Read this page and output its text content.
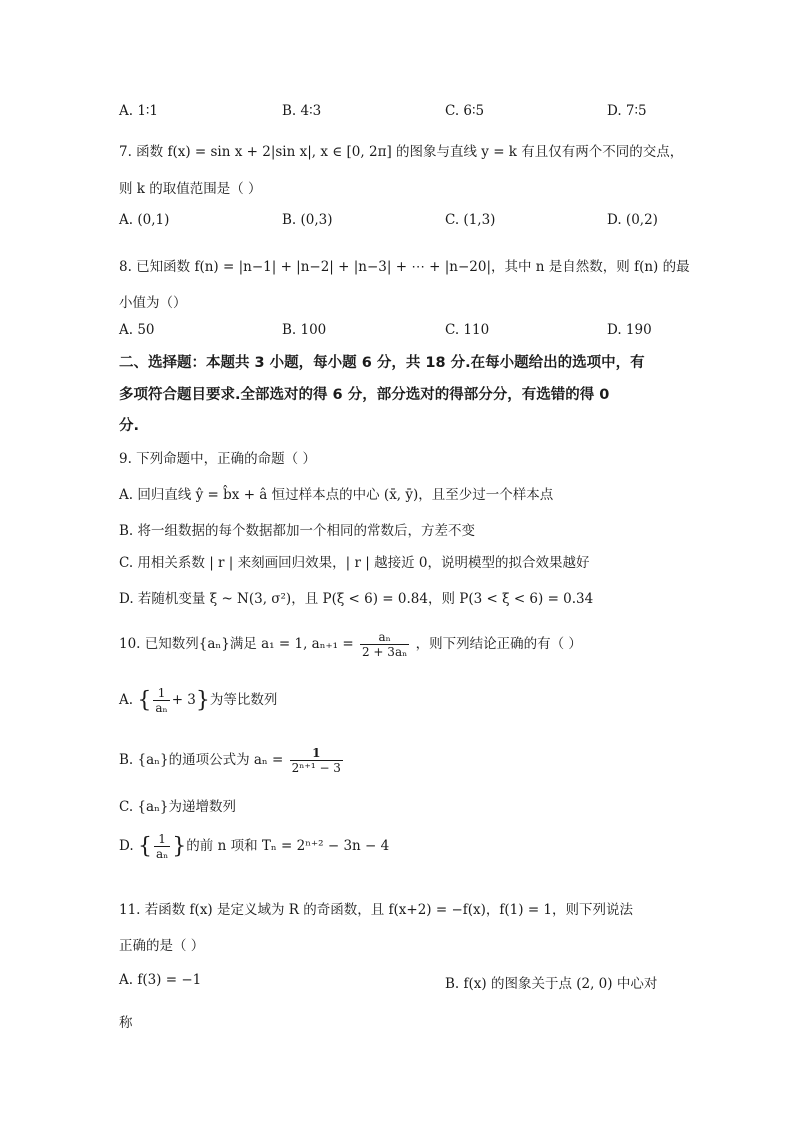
A. 1∶1	B. 4∶3	C. 6∶5	D. 7∶5
7. 函数 f(x) = sin x + 2|sin x|, x ∈ [0, 2π] 的图象与直线 y = k 有且仅有两个不同的交点，
则 k 的取值范围是（ ）
A. (0,1)	B. (0,3)	C. (1,3)	D. (0,2)
8. 已知函数 f(n) = |n−1| + |n−2| + |n−3| + ⋯ + |n−20|，其中 n 是自然数，则 f(n) 的最
小值为（）
A. 50	B. 100	C. 110	D. 190
二、选择题：本题共 3 小题，每小题 6 分，共 18 分.在每小题给出的选项中，有
多项符合题目要求.全部选对的得 6 分，部分选对的得部分分，有选错的得 0
分.
9. 下列命题中，正确的命题（ ）
A. 回归直线 ŷ = b̂x + â 恒过样本点的中心 (x̄, ȳ)，且至少过一个样本点
B. 将一组数据的每个数据都加一个相同的常数后，方差不变
C. 用相关系数 | r | 来刻画回归效果，| r | 越接近 0，说明模型的拟合效果越好
D. 若随机变量 ξ ~ N(3, σ²)，且 P(ξ < 6) = 0.84，则 P(3 < ξ < 6) = 0.34
10. 已知数列{aₙ}满足 a₁ = 1, $a_{n+1} = \frac{\text{aₙ}}{\text{2 + 3aₙ}}$ ，则下列结论正确的有（ ）
A. { $\frac{1}{\text{aₙ}} + 3$}为等比数列
B. {aₙ}的通项公式为 $a_n = \frac{1}{\text{2ⁿ⁺¹ − 3}}$
C. {aₙ}为递增数列
D. { $\frac{1}{\text{aₙ}}$ }的前 n 项和 Tₙ = 2ⁿ⁺² − 3n − 4
11. 若函数 f(x) 是定义域为 R 的奇函数，且 f(x+2) = −f(x)，f(1) = 1，则下列说法
正确的是（ ）
A. f(3) = −1	B. f(x) 的图象关于点 (2, 0) 中心对
称
